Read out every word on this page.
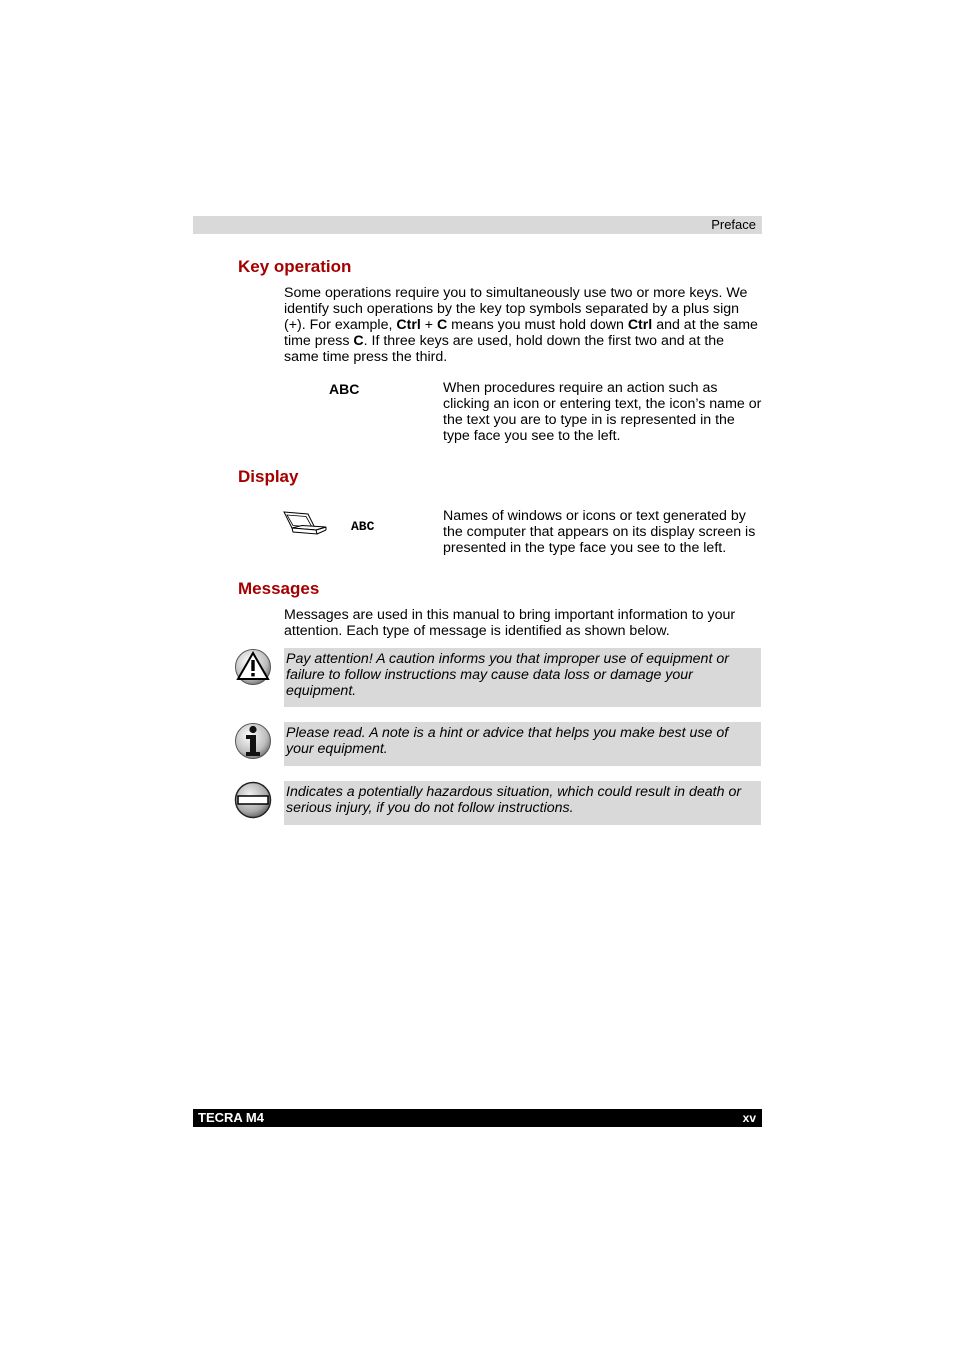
Preface
Key operation
Some operations require you to simultaneously use two or more keys. We identify such operations by the key top symbols separated by a plus sign (+). For example, Ctrl + C means you must hold down Ctrl and at the same time press C. If three keys are used, hold down the first two and at the same time press the third.
ABC	When procedures require an action such as clicking an icon or entering text, the icon’s name or the text you are to type in is represented in the type face you see to the left.
Display
ABC
Names of windows or icons or text generated by the computer that appears on its display screen is presented in the type face you see to the left.
Messages
Messages are used in this manual to bring important information to your attention. Each type of message is identified as shown below.
Pay attention! A caution informs you that improper use of equipment or failure to follow instructions may cause data loss or damage your equipment.
Please read. A note is a hint or advice that helps you make best use of your equipment.
Indicates a potentially hazardous situation, which could result in death or serious injury, if you do not follow instructions.
TECRA M4	xv
